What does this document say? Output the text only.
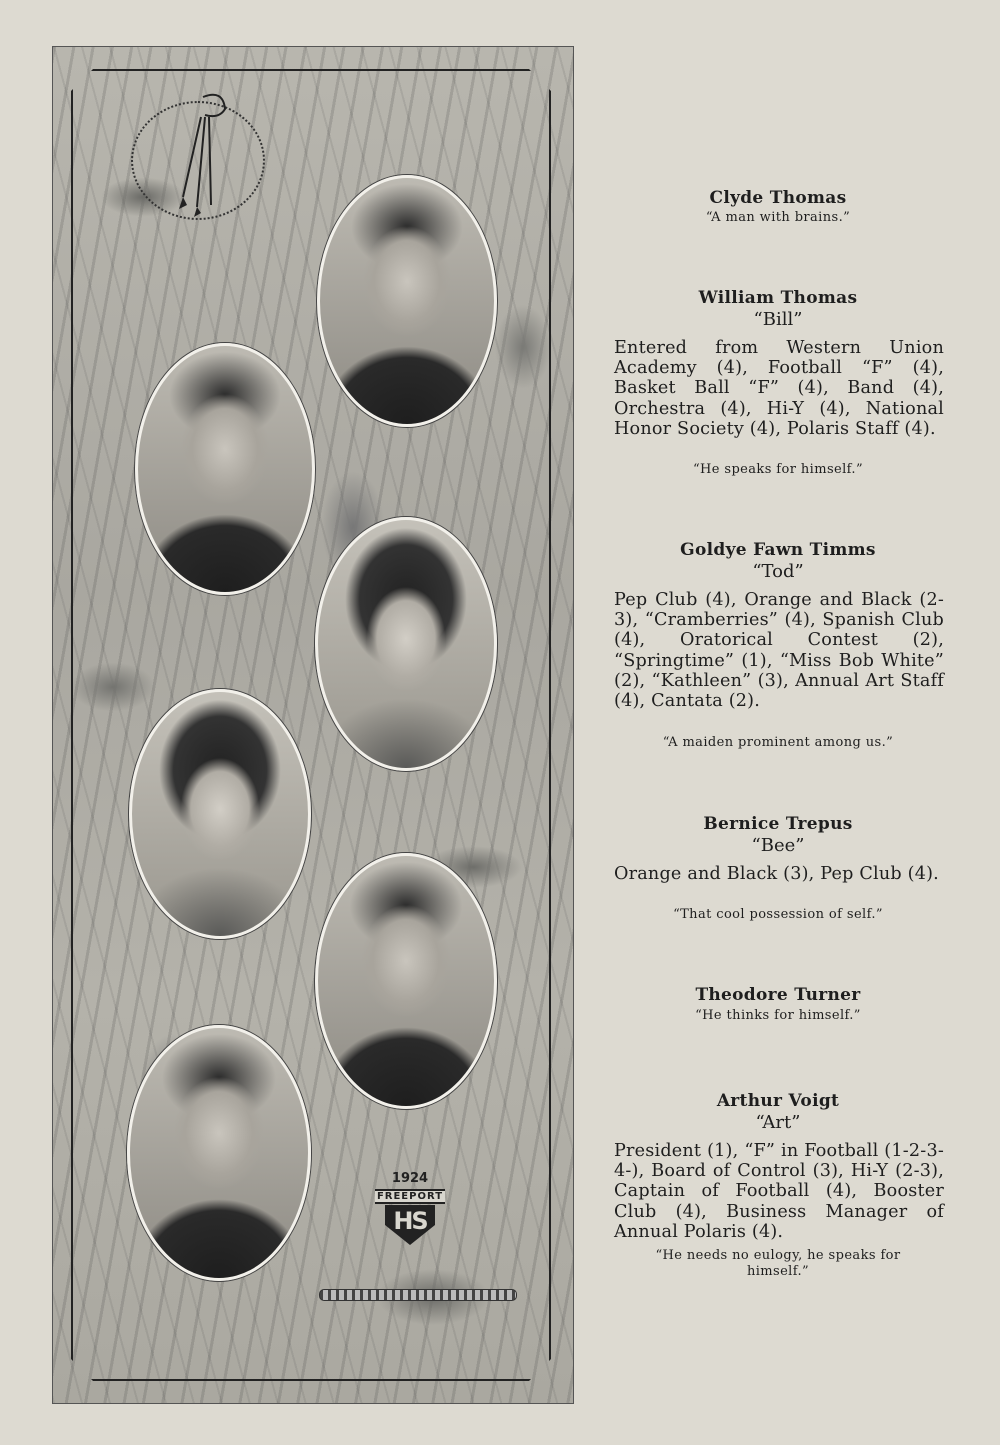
1924
FREEPORT
HS
Clyde Thomas
“A man with brains.”
William Thomas
“Bill”
Entered from Western Union Academy (4), Football “F” (4), Basket Ball “F” (4), Band (4), Orchestra (4), Hi-Y (4), National Honor Society (4), Polaris Staff (4).
“He speaks for himself.”
Goldye Fawn Timms
“Tod”
Pep Club (4), Orange and Black (2-3), “Cramberries” (4), Spanish Club (4), Oratorical Contest (2), “Springtime” (1), “Miss Bob White” (2), “Kathleen” (3), Annual Art Staff (4), Cantata (2).
“A maiden prominent among us.”
Bernice Trepus
“Bee”
Orange and Black (3), Pep Club (4).
“That cool possession of self.”
Theodore Turner
“He thinks for himself.”
Arthur Voigt
“Art”
President (1), “F” in Football (1-2-3-4-), Board of Control (3), Hi-Y (2-3), Captain of Football (4), Booster Club (4), Business Manager of Annual Polaris (4).
“He needs no eulogy, he speaks for himself.”
